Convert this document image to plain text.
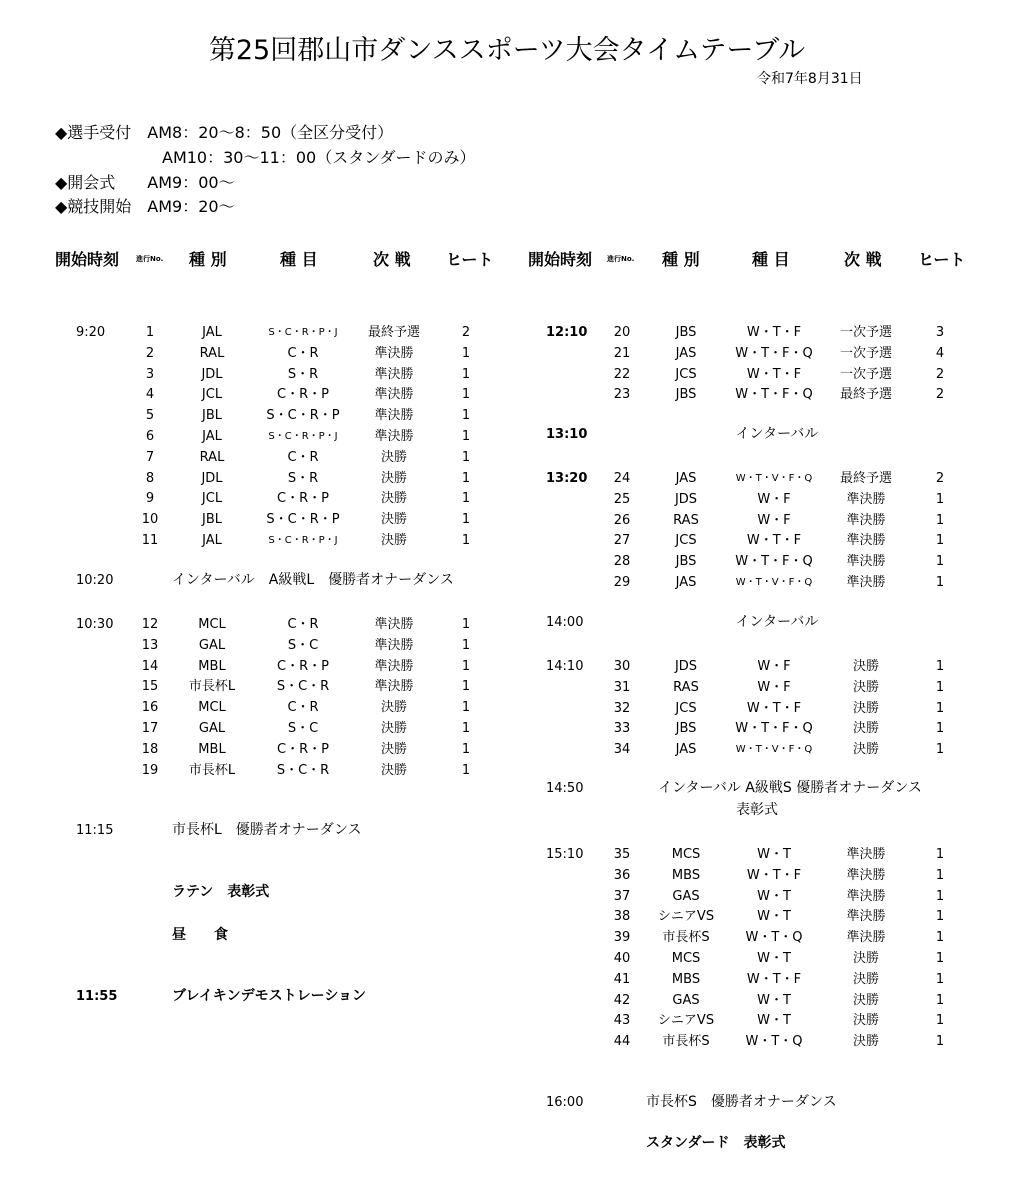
第25回郡山市ダンススポーツ大会タイムテーブル
令和7年8月31日
◆選手受付　AM8：20～8：50（全区分受付）
AM10：30～11：00（スタンダードのみ）
◆開会式　　AM9：00～
◆競技開始　AM9：20～
開始時刻 進行No. 種 別	種 目	次 戦 ヒート 開始時刻 進行No. 種 別	種 目	次 戦 ヒート
9:20	1	JAL	S・C・R・P・J 最終予選	2
2	RAL	C・R	準決勝	1
3	JDL	S・R	準決勝	1
4	JCL	C・R・P	準決勝	1
5	JBL	S・C・R・P	準決勝	1
6	JAL	S・C・R・P・J	準決勝	1
7	RAL	C・R	決勝	1
8	JDL	S・R	決勝	1
9	JCL	C・R・P	決勝	1
10	JBL	S・C・R・P	決勝	1
11	JAL	S・C・R・P・J	決勝	1
10:30 12	MCL	C・R	準決勝	1
13	GAL	S・C	準決勝	1
14	MBL	C・R・P	準決勝	1
15 市長杯L	S・C・R	準決勝	1
16	MCL	C・R	決勝	1
17	GAL	S・C	決勝	1
18	MBL	C・R・P	決勝	1
19 市長杯L	S・C・R	決勝	1
12:10 20	JBS	W・T・F	一次予選	3
21	JAS	W・T・F・Q 一次予選	4
22	JCS	W・T・F	一次予選	2
23	JBS	W・T・F・Q 最終予選	2
13:20 24	JAS	W・T・V・F・Q 最終予選	2
25	JDS	W・F	準決勝	1
26	RAS	W・F	準決勝	1
27	JCS	W・T・F	準決勝	1
28	JBS	W・T・F・Q	準決勝	1
29	JAS	W・T・V・F・Q	準決勝	1
14:10 30	JDS	W・F	決勝	1
31	RAS	W・F	決勝	1
32	JCS	W・T・F	決勝	1
33	JBS	W・T・F・Q	決勝	1
34	JAS	W・T・V・F・Q	決勝	1
15:10 35	MCS	W・T	準決勝	1
36	MBS	W・T・F	準決勝	1
37	GAS	W・T	準決勝	1
38 シニアⅤS	W・T	準決勝	1
39 市長杯S	W・T・Q	準決勝	1
40	MCS	W・T	決勝	1
41	MBS	W・T・F	決勝	1
42	GAS	W・T	決勝	1
43 シニアⅤS	W・T	決勝	1
44 市長杯S	W・T・Q	決勝	1
10:20	インターバル　A級戦L　優勝者オナーダンス
11:15	市長杯L　優勝者オナーダンス
ラテン　表彰式
昼　　食
11:55	ブレイキンデモストレーション
13:10	インターバル
14:00	インターバル
14:50	インターバル A級戦S 優勝者オナーダンス
表彰式
16:00	市長杯S　優勝者オナーダンス
スタンダード　表彰式
